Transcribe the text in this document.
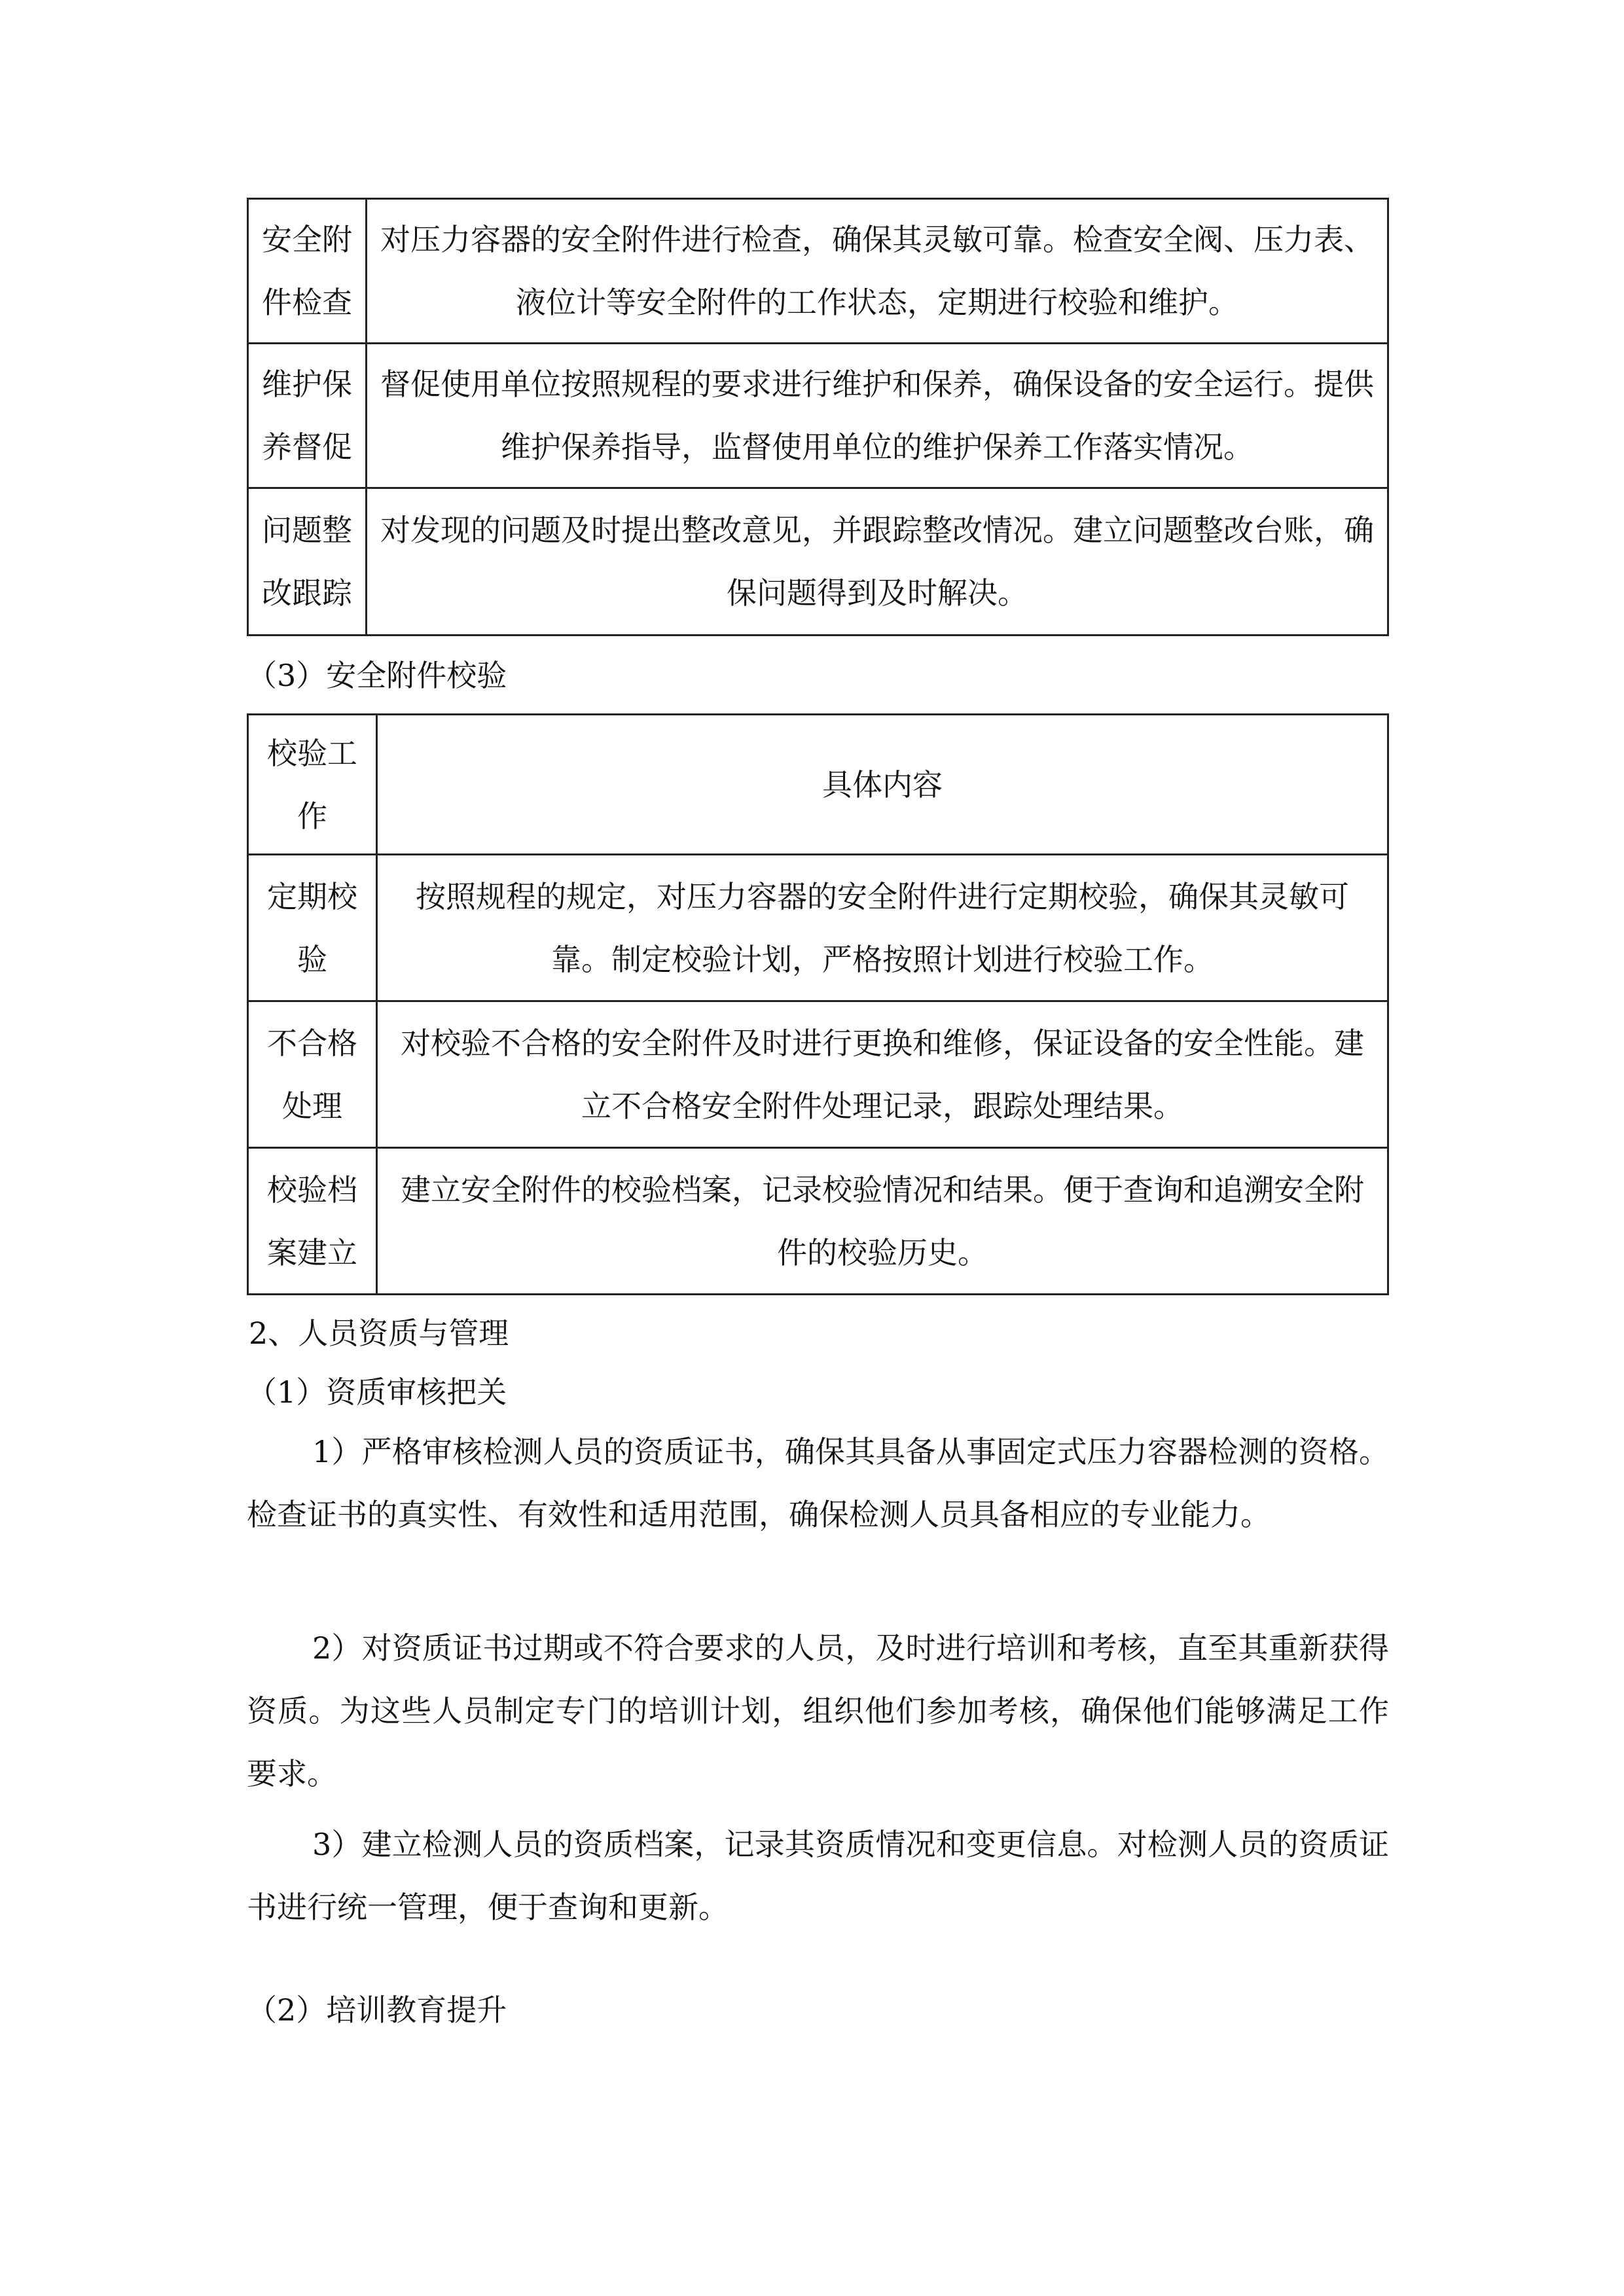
安全附件检查	对压力容器的安全附件进行检查，确保其灵敏可靠。检查安全阀、压力表、液位计等安全附件的工作状态，定期进行校验和维护。
维护保养督促	督促使用单位按照规程的要求进行维护和保养，确保设备的安全运行。提供维护保养指导，监督使用单位的维护保养工作落实情况。
问题整改跟踪	对发现的问题及时提出整改意见，并跟踪整改情况。建立问题整改台账，确保问题得到及时解决。
（3）安全附件校验
校验工作	具体内容
定期校验	按照规程的规定，对压力容器的安全附件进行定期校验，确保其灵敏可靠。制定校验计划，严格按照计划进行校验工作。
不合格处理	对校验不合格的安全附件及时进行更换和维修，保证设备的安全性能。建立不合格安全附件处理记录，跟踪处理结果。
校验档案建立	建立安全附件的校验档案，记录校验情况和结果。便于查询和追溯安全附件的校验历史。
2、人员资质与管理
（1）资质审核把关
1）严格审核检测人员的资质证书，确保其具备从事固定式压力容器检测的资格。检查证书的真实性、有效性和适用范围，确保检测人员具备相应的专业能力。
2）对资质证书过期或不符合要求的人员，及时进行培训和考核，直至其重新获得资质。为这些人员制定专门的培训计划，组织他们参加考核，确保他们能够满足工作要求。
3）建立检测人员的资质档案，记录其资质情况和变更信息。对检测人员的资质证书进行统一管理，便于查询和更新。
（2）培训教育提升
